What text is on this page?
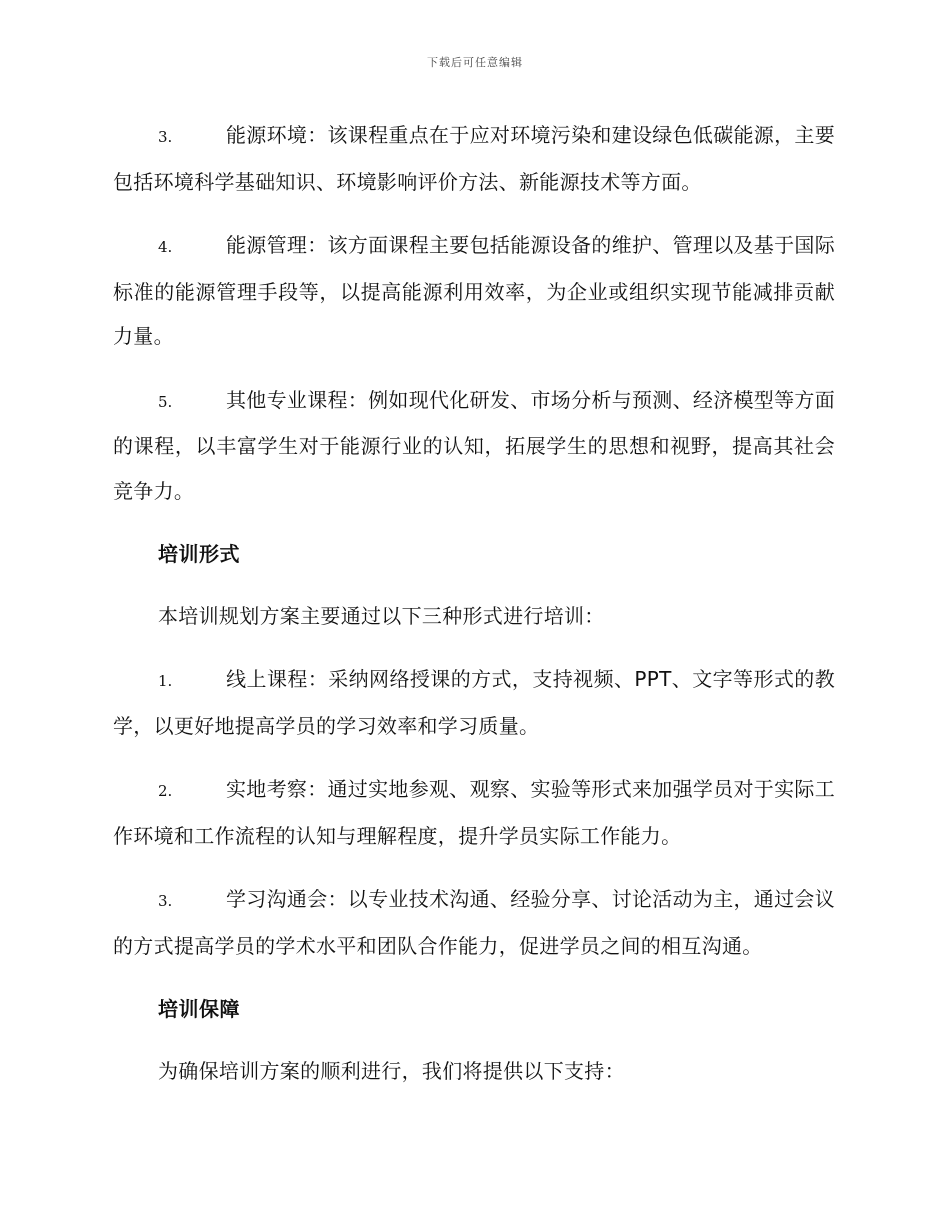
下载后可任意编辑

3.	能源环境：该课程重点在于应对环境污染和建设绿色低碳能源，主要包括环境科学基础知识、环境影响评价方法、新能源技术等方面。

4.	能源管理：该方面课程主要包括能源设备的维护、管理以及基于国际标准的能源管理手段等，以提高能源利用效率，为企业或组织实现节能减排贡献力量。

5.	其他专业课程：例如现代化研发、市场分析与预测、经济模型等方面的课程，以丰富学生对于能源行业的认知，拓展学生的思想和视野，提高其社会竞争力。

培训形式

本培训规划方案主要通过以下三种形式进行培训：

1.	线上课程：采纳网络授课的方式，支持视频、PPT、文字等形式的教学，以更好地提高学员的学习效率和学习质量。

2.	实地考察：通过实地参观、观察、实验等形式来加强学员对于实际工作环境和工作流程的认知与理解程度，提升学员实际工作能力。

3.	学习沟通会：以专业技术沟通、经验分享、讨论活动为主，通过会议的方式提高学员的学术水平和团队合作能力，促进学员之间的相互沟通。

培训保障

为确保培训方案的顺利进行，我们将提供以下支持：
